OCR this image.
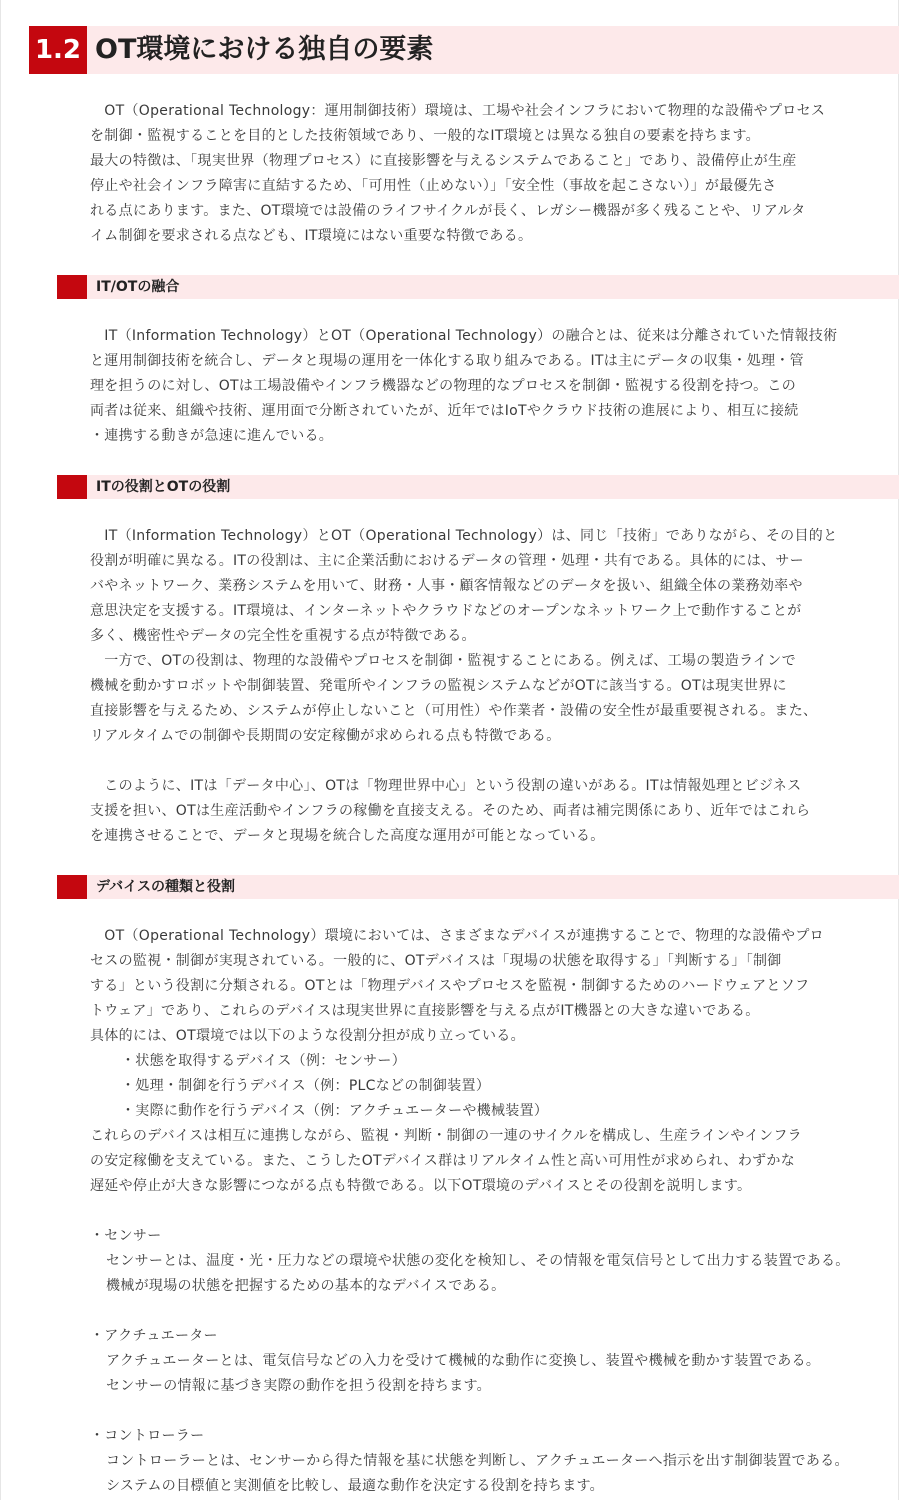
1.2 OT環境における独自の要素
　OT（Operational Technology：運用制御技術）環境は、工場や社会インフラにおいて物理的な設備やプロセス
を制御・監視することを目的とした技術領域であり、一般的なIT環境とは異なる独自の要素を持ちます。
最大の特徴は、「現実世界（物理プロセス）に直接影響を与えるシステムであること」であり、設備停止が生産
停止や社会インフラ障害に直結するため、「可用性（止めない）」「安全性（事故を起こさない）」が最優先さ
れる点にあります。また、OT環境では設備のライフサイクルが長く、レガシー機器が多く残ることや、リアルタ
イム制御を要求される点なども、IT環境にはない重要な特徴である。
IT/OTの融合
　IT（Information Technology）とOT（Operational Technology）の融合とは、従来は分離されていた情報技術
と運用制御技術を統合し、データと現場の運用を一体化する取り組みである。ITは主にデータの収集・処理・管
理を担うのに対し、OTは工場設備やインフラ機器などの物理的なプロセスを制御・監視する役割を持つ。この
両者は従来、組織や技術、運用面で分断されていたが、近年ではIoTやクラウド技術の進展により、相互に接続
・連携する動きが急速に進んでいる。
ITの役割とOTの役割
　IT（Information Technology）とOT（Operational Technology）は、同じ「技術」でありながら、その目的と
役割が明確に異なる。ITの役割は、主に企業活動におけるデータの管理・処理・共有である。具体的には、サー
バやネットワーク、業務システムを用いて、財務・人事・顧客情報などのデータを扱い、組織全体の業務効率や
意思決定を支援する。IT環境は、インターネットやクラウドなどのオープンなネットワーク上で動作することが
多く、機密性やデータの完全性を重視する点が特徴である。
　一方で、OTの役割は、物理的な設備やプロセスを制御・監視することにある。例えば、工場の製造ラインで
機械を動かすロボットや制御装置、発電所やインフラの監視システムなどがOTに該当する。OTは現実世界に
直接影響を与えるため、システムが停止しないこと（可用性）や作業者・設備の安全性が最重要視される。また、
リアルタイムでの制御や長期間の安定稼働が求められる点も特徴である。
　このように、ITは「データ中心」、OTは「物理世界中心」という役割の違いがある。ITは情報処理とビジネス
支援を担い、OTは生産活動やインフラの稼働を直接支える。そのため、両者は補完関係にあり、近年ではこれら
を連携させることで、データと現場を統合した高度な運用が可能となっている。
デバイスの種類と役割
　OT（Operational Technology）環境においては、さまざまなデバイスが連携することで、物理的な設備やプロ
セスの監視・制御が実現されている。一般的に、OTデバイスは「現場の状態を取得する」「判断する」「制御
する」という役割に分類される。OTとは「物理デバイスやプロセスを監視・制御するためのハードウェアとソフ
トウェア」であり、これらのデバイスは現実世界に直接影響を与える点がIT機器との大きな違いである。
具体的には、OT環境では以下のような役割分担が成り立っている。
・状態を取得するデバイス（例：センサー）
・処理・制御を行うデバイス（例：PLCなどの制御装置）
・実際に動作を行うデバイス（例：アクチュエーターや機械装置）
これらのデバイスは相互に連携しながら、監視・判断・制御の一連のサイクルを構成し、生産ラインやインフラ
の安定稼働を支えている。また、こうしたOTデバイス群はリアルタイム性と高い可用性が求められ、わずかな
遅延や停止が大きな影響につながる点も特徴である。以下OT環境のデバイスとその役割を説明します。
・センサー
センサーとは、温度・光・圧力などの環境や状態の変化を検知し、その情報を電気信号として出力する装置である。
機械が現場の状態を把握するための基本的なデバイスである。
・アクチュエーター
アクチュエーターとは、電気信号などの入力を受けて機械的な動作に変換し、装置や機械を動かす装置である。
センサーの情報に基づき実際の動作を担う役割を持ちます。
・コントローラー
コントローラーとは、センサーから得た情報を基に状態を判断し、アクチュエーターへ指示を出す制御装置である。
システムの目標値と実測値を比較し、最適な動作を決定する役割を持ちます。
